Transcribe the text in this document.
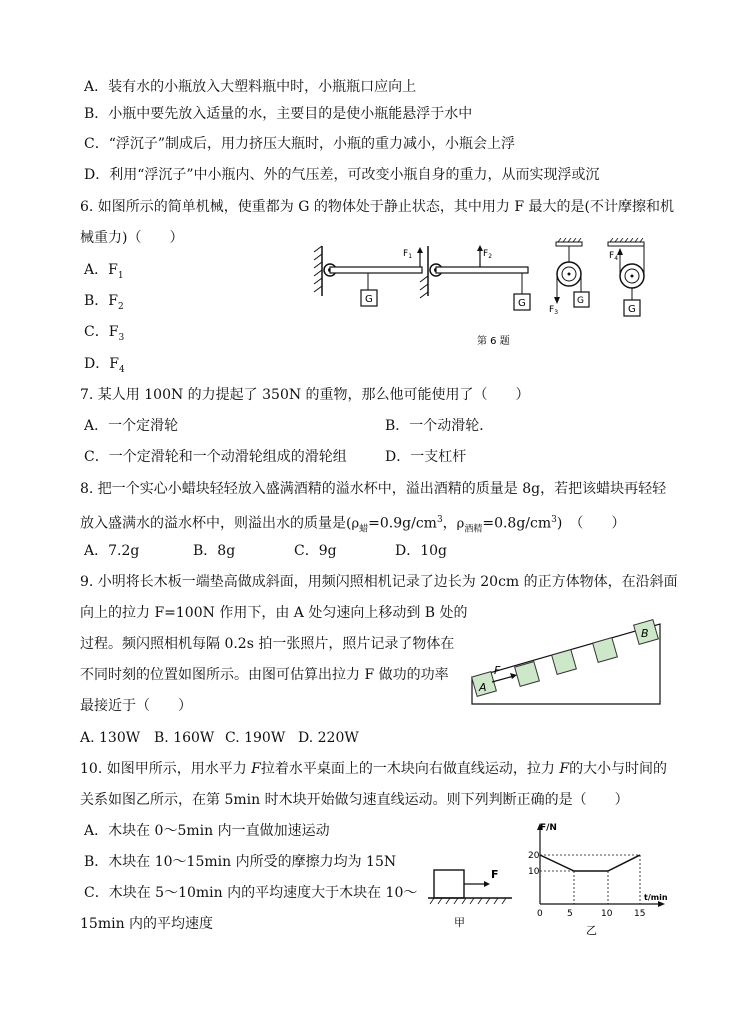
A．装有水的小瓶放入大塑料瓶中时，小瓶瓶口应向上
B．小瓶中要先放入适量的水，主要目的是使小瓶能悬浮于水中
C．“浮沉子”制成后，用力挤压大瓶时，小瓶的重力减小，小瓶会上浮
D．利用“浮沉子”中小瓶内、外的气压差，可改变小瓶自身的重力，从而实现浮或沉
6. 如图所示的简单机械，使重都为 G 的物体处于静止状态，其中用力 F 最大的是(不计摩擦和机
械重力)（　　）
A．$F_1$
B．$F_2$
C．$F_3$
D．$F_4$
G
$F_1$	$F_2$
G	G
$F_3$
$F_4$
G
第 6 题
7. 某人用 100N 的力提起了 350N 的重物，那么他可能使用了（　　）
A．一个定滑轮	B．一个动滑轮．
C．一个定滑轮和一个动滑轮组成的滑轮组	D．一支杠杆
8. 把一个实心小蜡块轻轻放入盛满酒精的溢水杯中，溢出酒精的质量是 8g，若把该蜡块再轻轻
放入盛满水的溢水杯中，则溢出水的质量是($\rho_蜡=0.9g/cm^3$，$\rho_{酒精}=0.8g/cm^3$)　（　　）
A．7.2g	B．8g	C．9g	D．10g
9. 小明将长木板一端垫高做成斜面，用频闪照相机记录了边长为 20cm 的正方体物体，在沿斜面
向上的拉力 F=100N 作用下，由 A 处匀速向上移动到 B 处的
过程。频闪照相机每隔 0.2s 拍一张照片，照片记录了物体在
不同时刻的位置如图所示。由图可估算出拉力 F 做功的功率
最接近于（　　）
A
B
F
A. 130W B. 160W C. 190W D. 220W
10. 如图甲所示，用水平力 F拉着水平桌面上的一木块向右做直线运动，拉力 F的大小与时间的
关系如图乙所示，在第 5min 时木块开始做匀速直线运动。则下列判断正确的是（　　）
A．木块在 0～5min 内一直做加速运动
B．木块在 10～15min 内所受的摩擦力均为 15N
C．木块在 5～10min 内的平均速度大于木块在 10～
15min 内的平均速度
F
甲
F/N
t/min
20
10
0	5	10 15
乙
